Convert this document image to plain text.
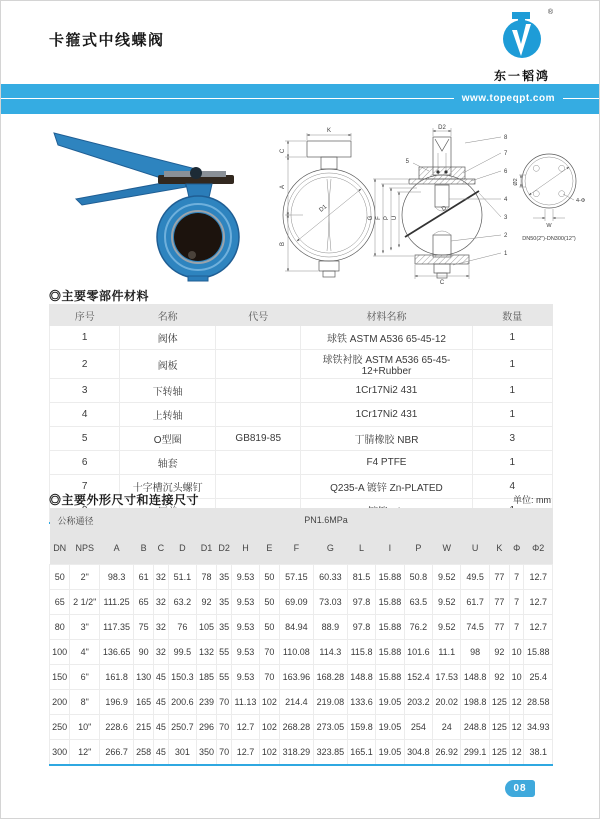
卡箍式中线蝶阀
®
东一韬鸿
www.topeqpt.com
K
C
A
B
D1
D2
D
G F P U
5
8
7
6
4
3
2
1
C
Ø2
W
4-Φ
DN50(2")-DN300(12")
◎主要零部件材料
序号	名称	代号	材料名称	数量
1	阀体		球铁 ASTM A536 65-45-12	1
2	阀板		球铁衬胶 ASTM A536 65-45-12+Rubber	1
3	下转轴		1Cr17Ni2 431	1
4	上转轴		1Cr17Ni2 431	1
5	O型圈	GB819-85	丁腈橡胶 NBR	3
6	轴套		F4 PTFE	1
7	十字槽沉头螺钉		Q235-A 镀锌 Zn-PLATED	4

◎主要外形尺寸和连接尺寸	单位: mm
公称通径		PN1.6MPa																	
DN	NPS	A	B	C	D	D1	D2	H	E	F	G	L	I	P	W	U	K	Φ	Φ2
50	2"	98.3	61	32	51.1	78	35	9.53	50	57.15	60.33	81.5	15.88	50.8	9.52	49.5	77	7	12.7
65	2 1/2"	111.25	65	32	63.2	92	35	9.53	50	69.09	73.03	97.8	15.88	63.5	9.52	61.7	77	7	12.7
80	3"	117.35	75	32	76	105	35	9.53	50	84.94	88.9	97.8	15.88	76.2	9.52	74.5	77	7	12.7
100	4"	136.65	90	32	99.5	132	55	9.53	70	110.08	114.3	115.8	15.88	101.6	11.1	98	92	10	15.88
150	6"	161.8	130	45	150.3	185	55	9.53	70	163.96	168.28	148.8	15.88	152.4	17.53	148.8	92	10	25.4
200	8"	196.9	165	45	200.6	239	70	11.13	102	214.4	219.08	133.6	19.05	203.2	20.02	198.8	125	12	28.58
250	10"	228.6	215	45	250.7	296	70	12.7	102	268.28	273.05	159.8	19.05	254	24	248.8	125	12	34.93
300	12"	266.7	258	45	301	350	70	12.7	102	318.29	323.85	165.1	19.05	304.8	26.92	299.1	125	12	38.1
08
